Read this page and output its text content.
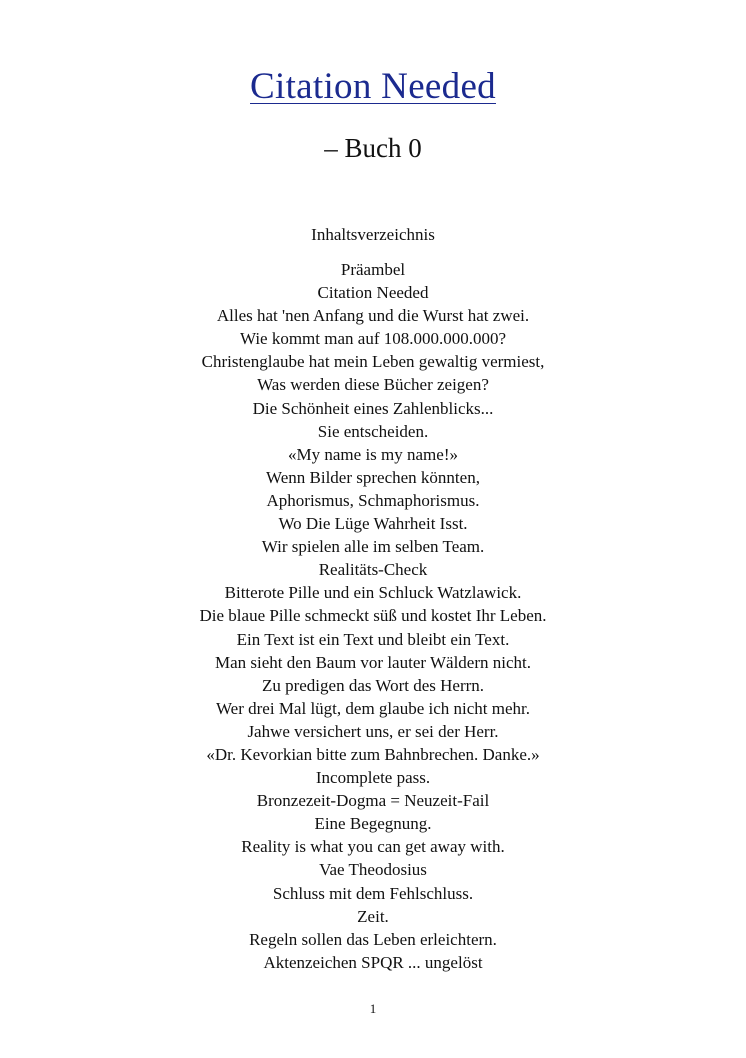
Citation Needed
– Buch 0
Inhaltsverzeichnis
Präambel
Citation Needed
Alles hat 'nen Anfang und die Wurst hat zwei.
Wie kommt man auf 108.000.000.000?
Christenglaube hat mein Leben gewaltig vermiest,
Was werden diese Bücher zeigen?
Die Schönheit eines Zahlenblicks...
Sie entscheiden.
«My name is my name!»
Wenn Bilder sprechen könnten,
Aphorismus, Schmaphorismus.
Wo Die Lüge Wahrheit Isst.
Wir spielen alle im selben Team.
Realitäts-Check
Bitterote Pille und ein Schluck Watzlawick.
Die blaue Pille schmeckt süß und kostet Ihr Leben.
Ein Text ist ein Text und bleibt ein Text.
Man sieht den Baum vor lauter Wäldern nicht.
Zu predigen das Wort des Herrn.
Wer drei Mal lügt, dem glaube ich nicht mehr.
Jahwe versichert uns, er sei der Herr.
«Dr. Kevorkian bitte zum Bahnbrechen. Danke.»
Incomplete pass.
Bronzezeit-Dogma = Neuzeit-Fail
Eine Begegnung.
Reality is what you can get away with.
Vae Theodosius
Schluss mit dem Fehlschluss.
Zeit.
Regeln sollen das Leben erleichtern.
Aktenzeichen SPQR ... ungelöst
1
